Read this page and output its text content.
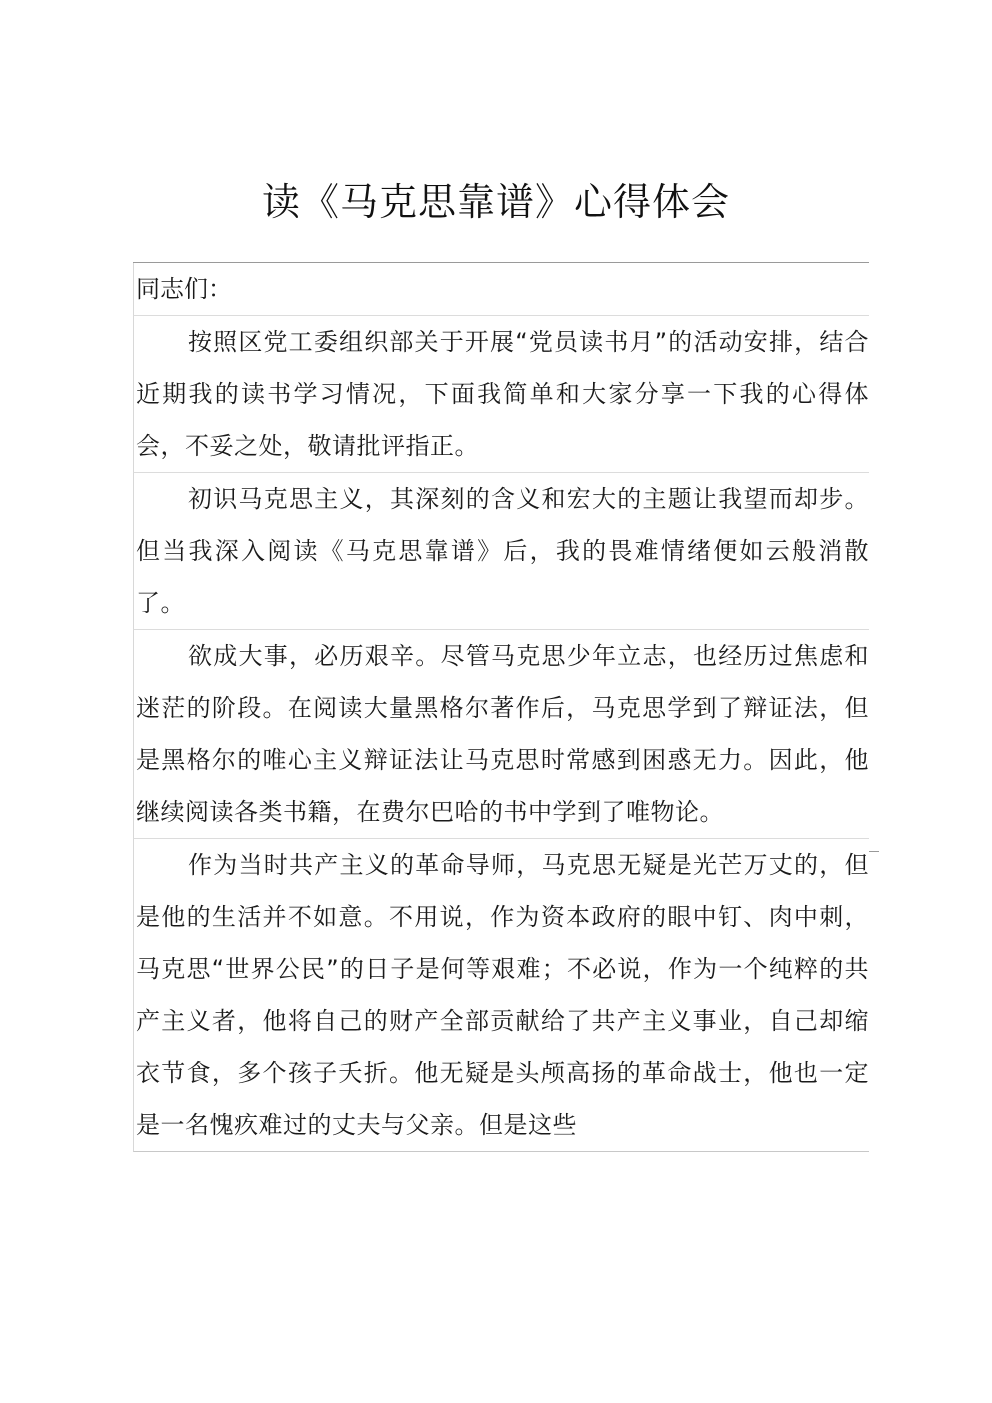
读《马克思靠谱》心得体会
同志们：
按照区党工委组织部关于开展“党员读书月”的活动安排，结合近期我的读书学习情况，下面我简单和大家分享一下我的心得体会，不妥之处，敬请批评指正。
初识马克思主义，其深刻的含义和宏大的主题让我望而却步。但当我深入阅读《马克思靠谱》后，我的畏难情绪便如云般消散了。
欲成大事，必历艰辛。尽管马克思少年立志，也经历过焦虑和迷茫的阶段。在阅读大量黑格尔著作后，马克思学到了辩证法，但是黑格尔的唯心主义辩证法让马克思时常感到困惑无力。因此，他继续阅读各类书籍，在费尔巴哈的书中学到了唯物论。
作为当时共产主义的革命导师，马克思无疑是光芒万丈的，但是他的生活并不如意。不用说，作为资本政府的眼中钉、肉中刺，马克思“世界公民”的日子是何等艰难；不必说，作为一个纯粹的共产主义者，他将自己的财产全部贡献给了共产主义事业，自己却缩衣节食，多个孩子夭折。他无疑是头颅高扬的革命战士，他也一定是一名愧疚难过的丈夫与父亲。但是这些
